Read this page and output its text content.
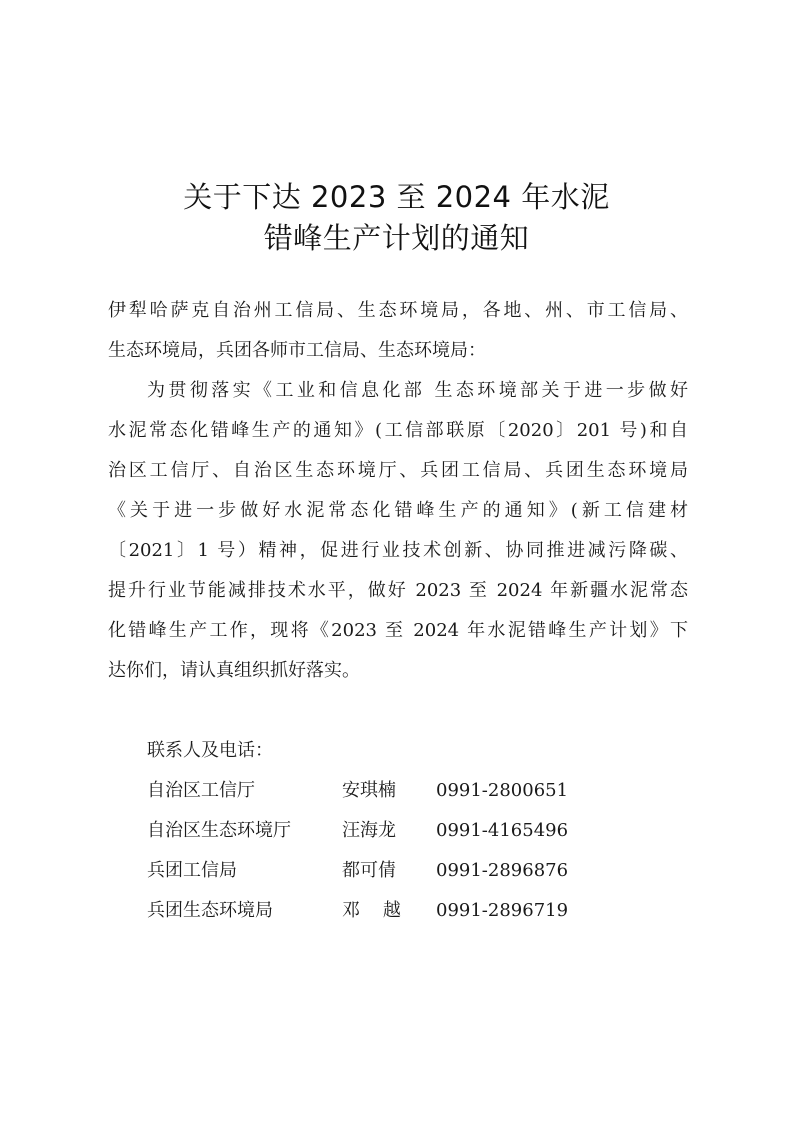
关于下达 2023 至 2024 年水泥
错峰生产计划的通知
伊犁哈萨克自治州工信局、生态环境局，各地、州、市工信局、
生态环境局，兵团各师市工信局、生态环境局：
为贯彻落实《工业和信息化部 生态环境部关于进一步做好
水泥常态化错峰生产的通知》(工信部联原〔2020〕201 号)和自
治区工信厅、自治区生态环境厅、兵团工信局、兵团生态环境局
《关于进一步做好水泥常态化错峰生产的通知》(新工信建材
〔2021〕1 号）精神，促进行业技术创新、协同推进减污降碳、
提升行业节能减排技术水平，做好 2023 至 2024 年新疆水泥常态
化错峰生产工作，现将《2023 至 2024 年水泥错峰生产计划》下
达你们，请认真组织抓好落实。
联系人及电话：
自治区工信厅	安琪楠	0991-2800651
自治区生态环境厅	汪海龙	0991-4165496
兵团工信局	都可倩	0991-2896876
兵团生态环境局	邓    越	0991-2896719
